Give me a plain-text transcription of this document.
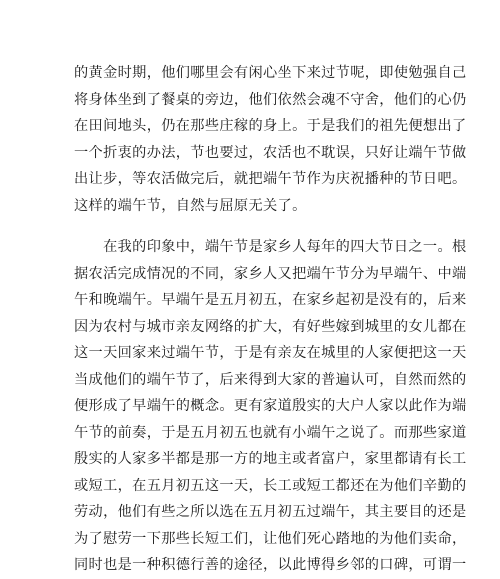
的黄金时期，他们哪里会有闲心坐下来过节呢，即使勉强自己
将身体坐到了餐桌的旁边，他们依然会魂不守舍，他们的心仍
在田间地头，仍在那些庄稼的身上。于是我们的祖先便想出了
一个折衷的办法，节也要过，农活也不耽误，只好让端午节做
出让步，等农活做完后，就把端午节作为庆祝播种的节日吧。
这样的端午节，自然与屈原无关了。
　　在我的印象中，端午节是家乡人每年的四大节日之一。根
据农活完成情况的不同，家乡人又把端午节分为早端午、中端
午和晚端午。早端午是五月初五，在家乡起初是没有的，后来
因为农村与城市亲友网络的扩大，有好些嫁到城里的女儿都在
这一天回家来过端午节，于是有亲友在城里的人家便把这一天
当成他们的端午节了，后来得到大家的普遍认可，自然而然的
便形成了早端午的概念。更有家道殷实的大户人家以此作为端
午节的前奏，于是五月初五也就有小端午之说了。而那些家道
殷实的人家多半都是那一方的地主或者富户，家里都请有长工
或短工，在五月初五这一天，长工或短工都还在为他们辛勤的
劳动，他们有些之所以选在五月初五过端午，其主要目的还是
为了慰劳一下那些长短工们，让他们死心踏地的为他们卖命，
同时也是一种积德行善的途径，以此博得乡邻的口碑，可谓一
